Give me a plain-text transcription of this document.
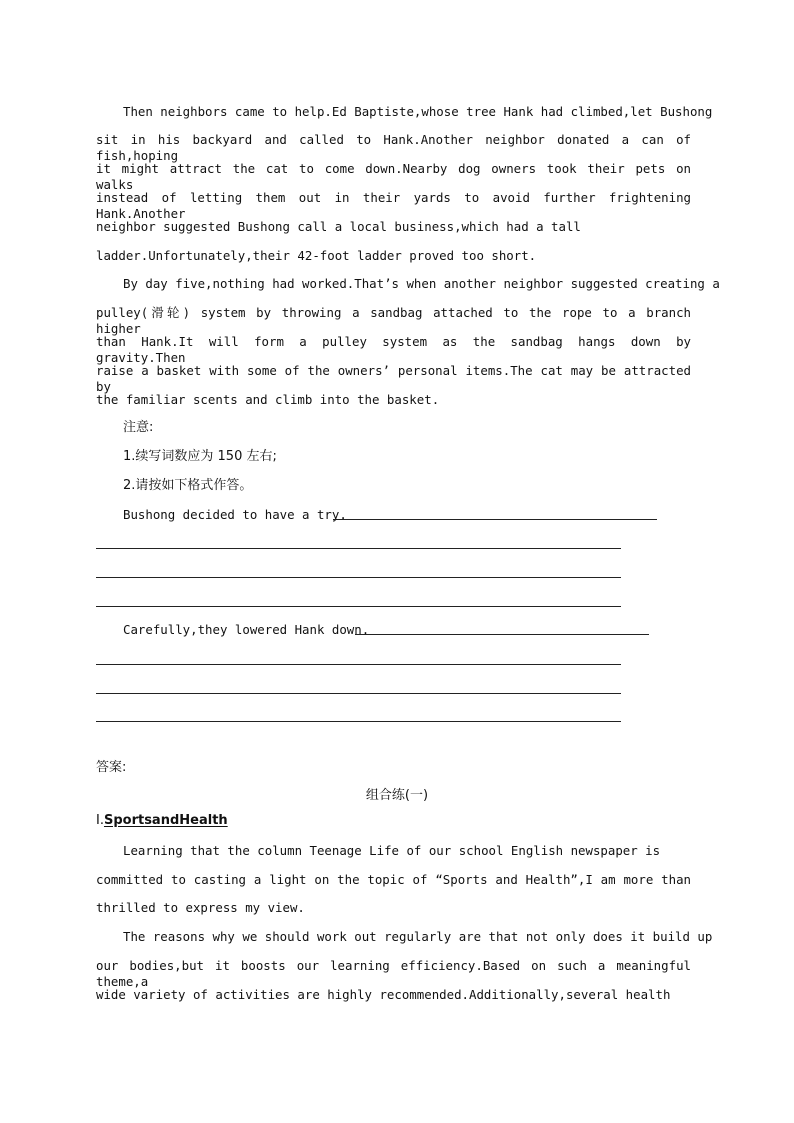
Then neighbors came to help.Ed Baptiste,whose tree Hank had climbed,let Bushong
sit in his backyard and called to Hank.Another neighbor donated a can of fish,hoping
it might attract the cat to come down.Nearby dog owners took their pets on walks
instead of letting them out in their yards to avoid further frightening Hank.Another
neighbor suggested Bushong call a local business,which had a tall
ladder.Unfortunately,their 42-foot ladder proved too short.
By day five,nothing had worked.That’s when another neighbor suggested creating a
pulley(滑轮) system by throwing a sandbag attached to the rope to a branch higher
than Hank.It will form a pulley system as the sandbag hangs down by gravity.Then
raise a basket with some of the owners’ personal items.The cat may be attracted by
the familiar scents and climb into the basket.
注意:
1.续写词数应为 150 左右;
2.请按如下格式作答。
Bushong decided to have a try.
Carefully,they lowered Hank down.
答案:
组合练(一)
Ⅰ.SportsandHealth
Learning that the column Teenage Life of our school English newspaper is
committed to casting a light on the topic of “Sports and Health”,I am more than
thrilled to express my view.
The reasons why we should work out regularly are that not only does it build up
our bodies,but it boosts our learning efficiency.Based on such a meaningful theme,a
wide variety of activities are highly recommended.Additionally,several health
